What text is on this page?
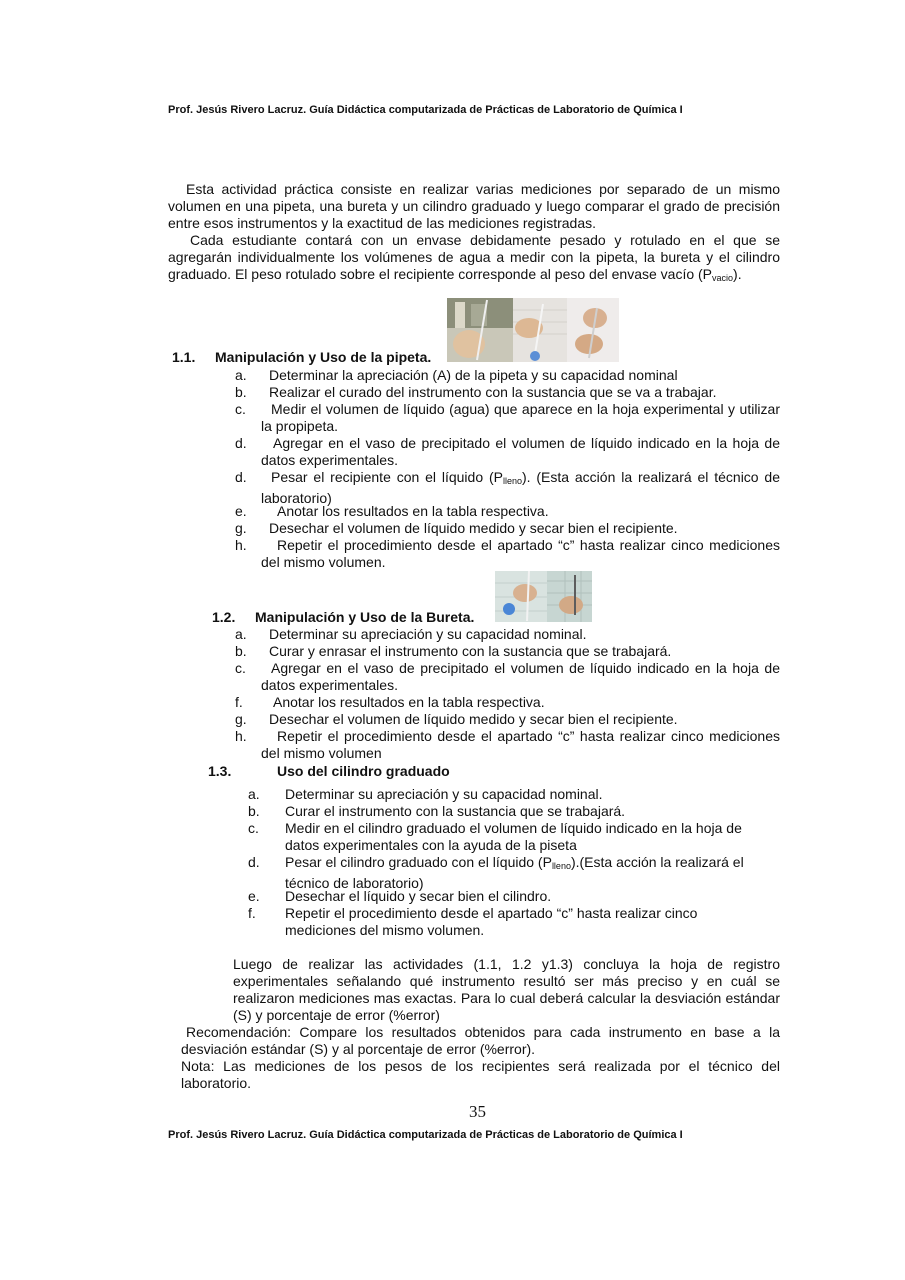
Prof. Jesús Rivero Lacruz. Guía Didáctica computarizada de Prácticas de Laboratorio de Química I

Esta actividad práctica consiste en realizar varias mediciones por separado de un mismo volumen en una pipeta, una bureta y un cilindro graduado y luego comparar el grado de precisión entre esos instrumentos y la exactitud de las mediciones registradas.

Cada estudiante contará con un envase debidamente pesado y rotulado en el que se agregarán individualmente los volúmenes de agua a medir con la pipeta, la bureta y el cilindro graduado. El peso rotulado sobre el recipiente corresponde al peso del envase vacío $(P_{vacio})$.

1.1. Manipulación y Uso de la pipeta.
a. Determinar la apreciación (A) de la pipeta y su capacidad nominal
b. Realizar el curado del instrumento con la sustancia que se va a trabajar.
c. Medir el volumen de líquido (agua) que aparece en la hoja experimental y utilizar la propipeta.
d. Agregar en el vaso de precipitado el volumen de líquido indicado en la hoja de datos experimentales.
d. Pesar el recipiente con el líquido $(P_{lleno})$. (Esta acción la realizará el técnico de laboratorio)
e. Anotar los resultados en la tabla respectiva.
g. Desechar el volumen de líquido medido y secar bien el recipiente.
h. Repetir el procedimiento desde el apartado “c” hasta realizar cinco mediciones del mismo volumen.
1.2. Manipulación y Uso de la Bureta.
a. Determinar su apreciación y su capacidad nominal.
b. Curar y enrasar el instrumento con la sustancia que se trabajará.
c. Agregar en el vaso de precipitado el volumen de líquido indicado en la hoja de datos experimentales.
f. Anotar los resultados en la tabla respectiva.
g. Desechar el volumen de líquido medido y secar bien el recipiente.
h. Repetir el procedimiento desde el apartado “c” hasta realizar cinco mediciones del mismo volumen
1.3.	Uso del cilindro graduado
a. Determinar su apreciación y su capacidad nominal.
b. Curar el instrumento con la sustancia que se trabajará.
c. Medir en el cilindro graduado el volumen de líquido indicado en la hoja de datos experimentales con la ayuda de la piseta
d. Pesar el cilindro graduado con el líquido $(P_{lleno}).(Esta$ acción la realizará el técnico de laboratorio)
e. Desechar el líquido y secar bien el cilindro.
f. Repetir el procedimiento desde el apartado “c” hasta realizar cinco mediciones del mismo volumen.

Luego de realizar las actividades (1.1, 1.2 y1.3) concluya la hoja de registro experimentales señalando qué instrumento resultó ser más preciso y en cuál se realizaron mediciones mas exactas. Para lo cual deberá calcular la desviación estándar (S) y porcentaje de error (%error)

Recomendación: Compare los resultados obtenidos para cada instrumento en base a la desviación estándar (S) y al porcentaje de error (%error).

Nota: Las mediciones de los pesos de los recipientes será realizada por el técnico del laboratorio.

35
Prof. Jesús Rivero Lacruz. Guía Didáctica computarizada de Prácticas de Laboratorio de Química I
